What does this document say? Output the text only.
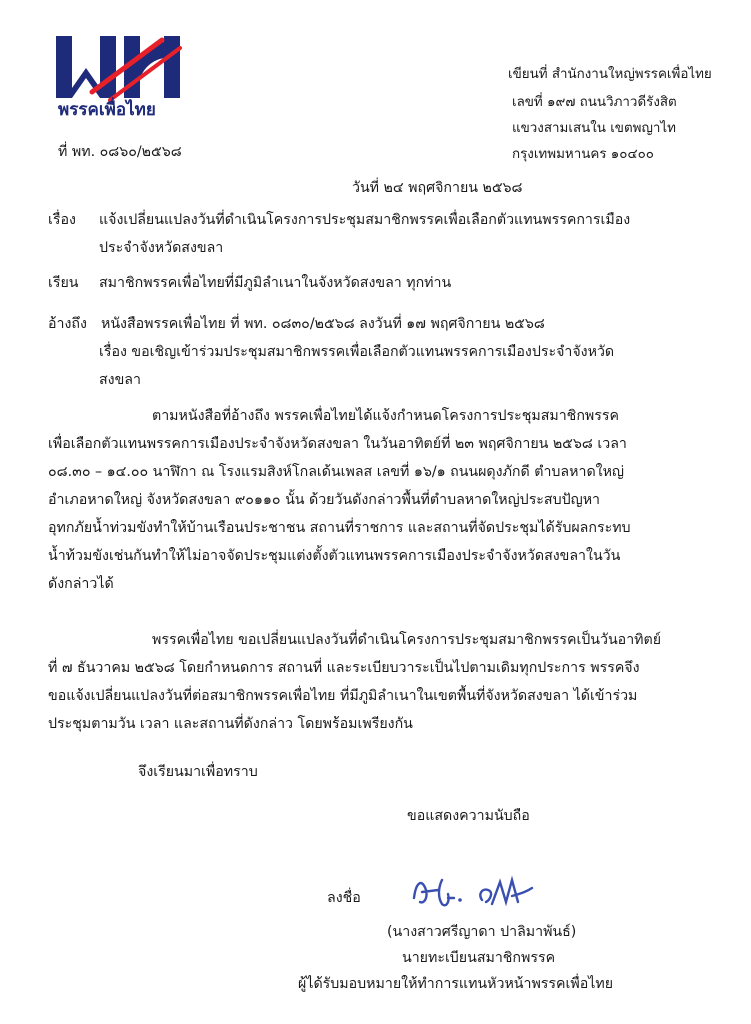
พรรคเพื่อไทย
เขียนที่ สำนักงานใหญ่พรรคเพื่อไทย
เลขที่ ๑๙๗ ถนนวิภาวดีรังสิต
แขวงสามเสนใน เขตพญาไท
กรุงเทพมหานคร ๑๐๔๐๐
ที่ พท. ๐๘๖๐/๒๕๖๘
วันที่ ๒๔ พฤศจิกายน ๒๕๖๘
เรื่อง แจ้งเปลี่ยนแปลงวันที่ดำเนินโครงการประชุมสมาชิกพรรคเพื่อเลือกตัวแทนพรรคการเมือง
ประจำจังหวัดสงขลา
เรียน สมาชิกพรรคเพื่อไทยที่มีภูมิลำเนาในจังหวัดสงขลา ทุกท่าน
อ้างถึง หนังสือพรรคเพื่อไทย ที่ พท. ๐๘๓๐/๒๕๖๘ ลงวันที่ ๑๗ พฤศจิกายน ๒๕๖๘
เรื่อง ขอเชิญเข้าร่วมประชุมสมาชิกพรรคเพื่อเลือกตัวแทนพรรคการเมืองประจำจังหวัด
สงขลา
ตามหนังสือที่อ้างถึง พรรคเพื่อไทยได้แจ้งกำหนดโครงการประชุมสมาชิกพรรค
เพื่อเลือกตัวแทนพรรคการเมืองประจำจังหวัดสงขลา ในวันอาทิตย์ที่ ๒๓ พฤศจิกายน ๒๕๖๘ เวลา
๐๘.๓๐ – ๑๔.๐๐ นาฬิกา ณ โรงแรมสิงห์โกลเด้นเพลส เลขที่ ๑๖/๑ ถนนผดุงภักดี ตำบลหาดใหญ่
อำเภอหาดใหญ่ จังหวัดสงขลา ๙๐๑๑๐ นั้น ด้วยวันดังกล่าวพื้นที่ตำบลหาดใหญ่ประสบปัญหา
อุทกภัยน้ำท่วมขังทำให้บ้านเรือนประชาชน สถานที่ราชการ และสถานที่จัดประชุมได้รับผลกระทบ
น้ำท้วมขังเช่นกันทำให้ไม่อาจจัดประชุมแต่งตั้งตัวแทนพรรคการเมืองประจำจังหวัดสงขลาในวัน
ดังกล่าวได้
พรรคเพื่อไทย ขอเปลี่ยนแปลงวันที่ดำเนินโครงการประชุมสมาชิกพรรคเป็นวันอาทิตย์
ที่ ๗ ธันวาคม ๒๕๖๘ โดยกำหนดการ สถานที่ และระเบียบวาระเป็นไปตามเดิมทุกประการ พรรคจึง
ขอแจ้งเปลี่ยนแปลงวันที่ต่อสมาชิกพรรคเพื่อไทย ที่มีภูมิลำเนาในเขตพื้นที่จังหวัดสงขลา ได้เข้าร่วม
ประชุมตามวัน เวลา และสถานที่ดังกล่าว โดยพร้อมเพรียงกัน
จึงเรียนมาเพื่อทราบ
ขอแสดงความนับถือ
ลงชื่อ
(นางสาวศรีญาดา ปาลิมาพันธ์)
นายทะเบียนสมาชิกพรรค
ผู้ได้รับมอบหมายให้ทำการแทนหัวหน้าพรรคเพื่อไทย
